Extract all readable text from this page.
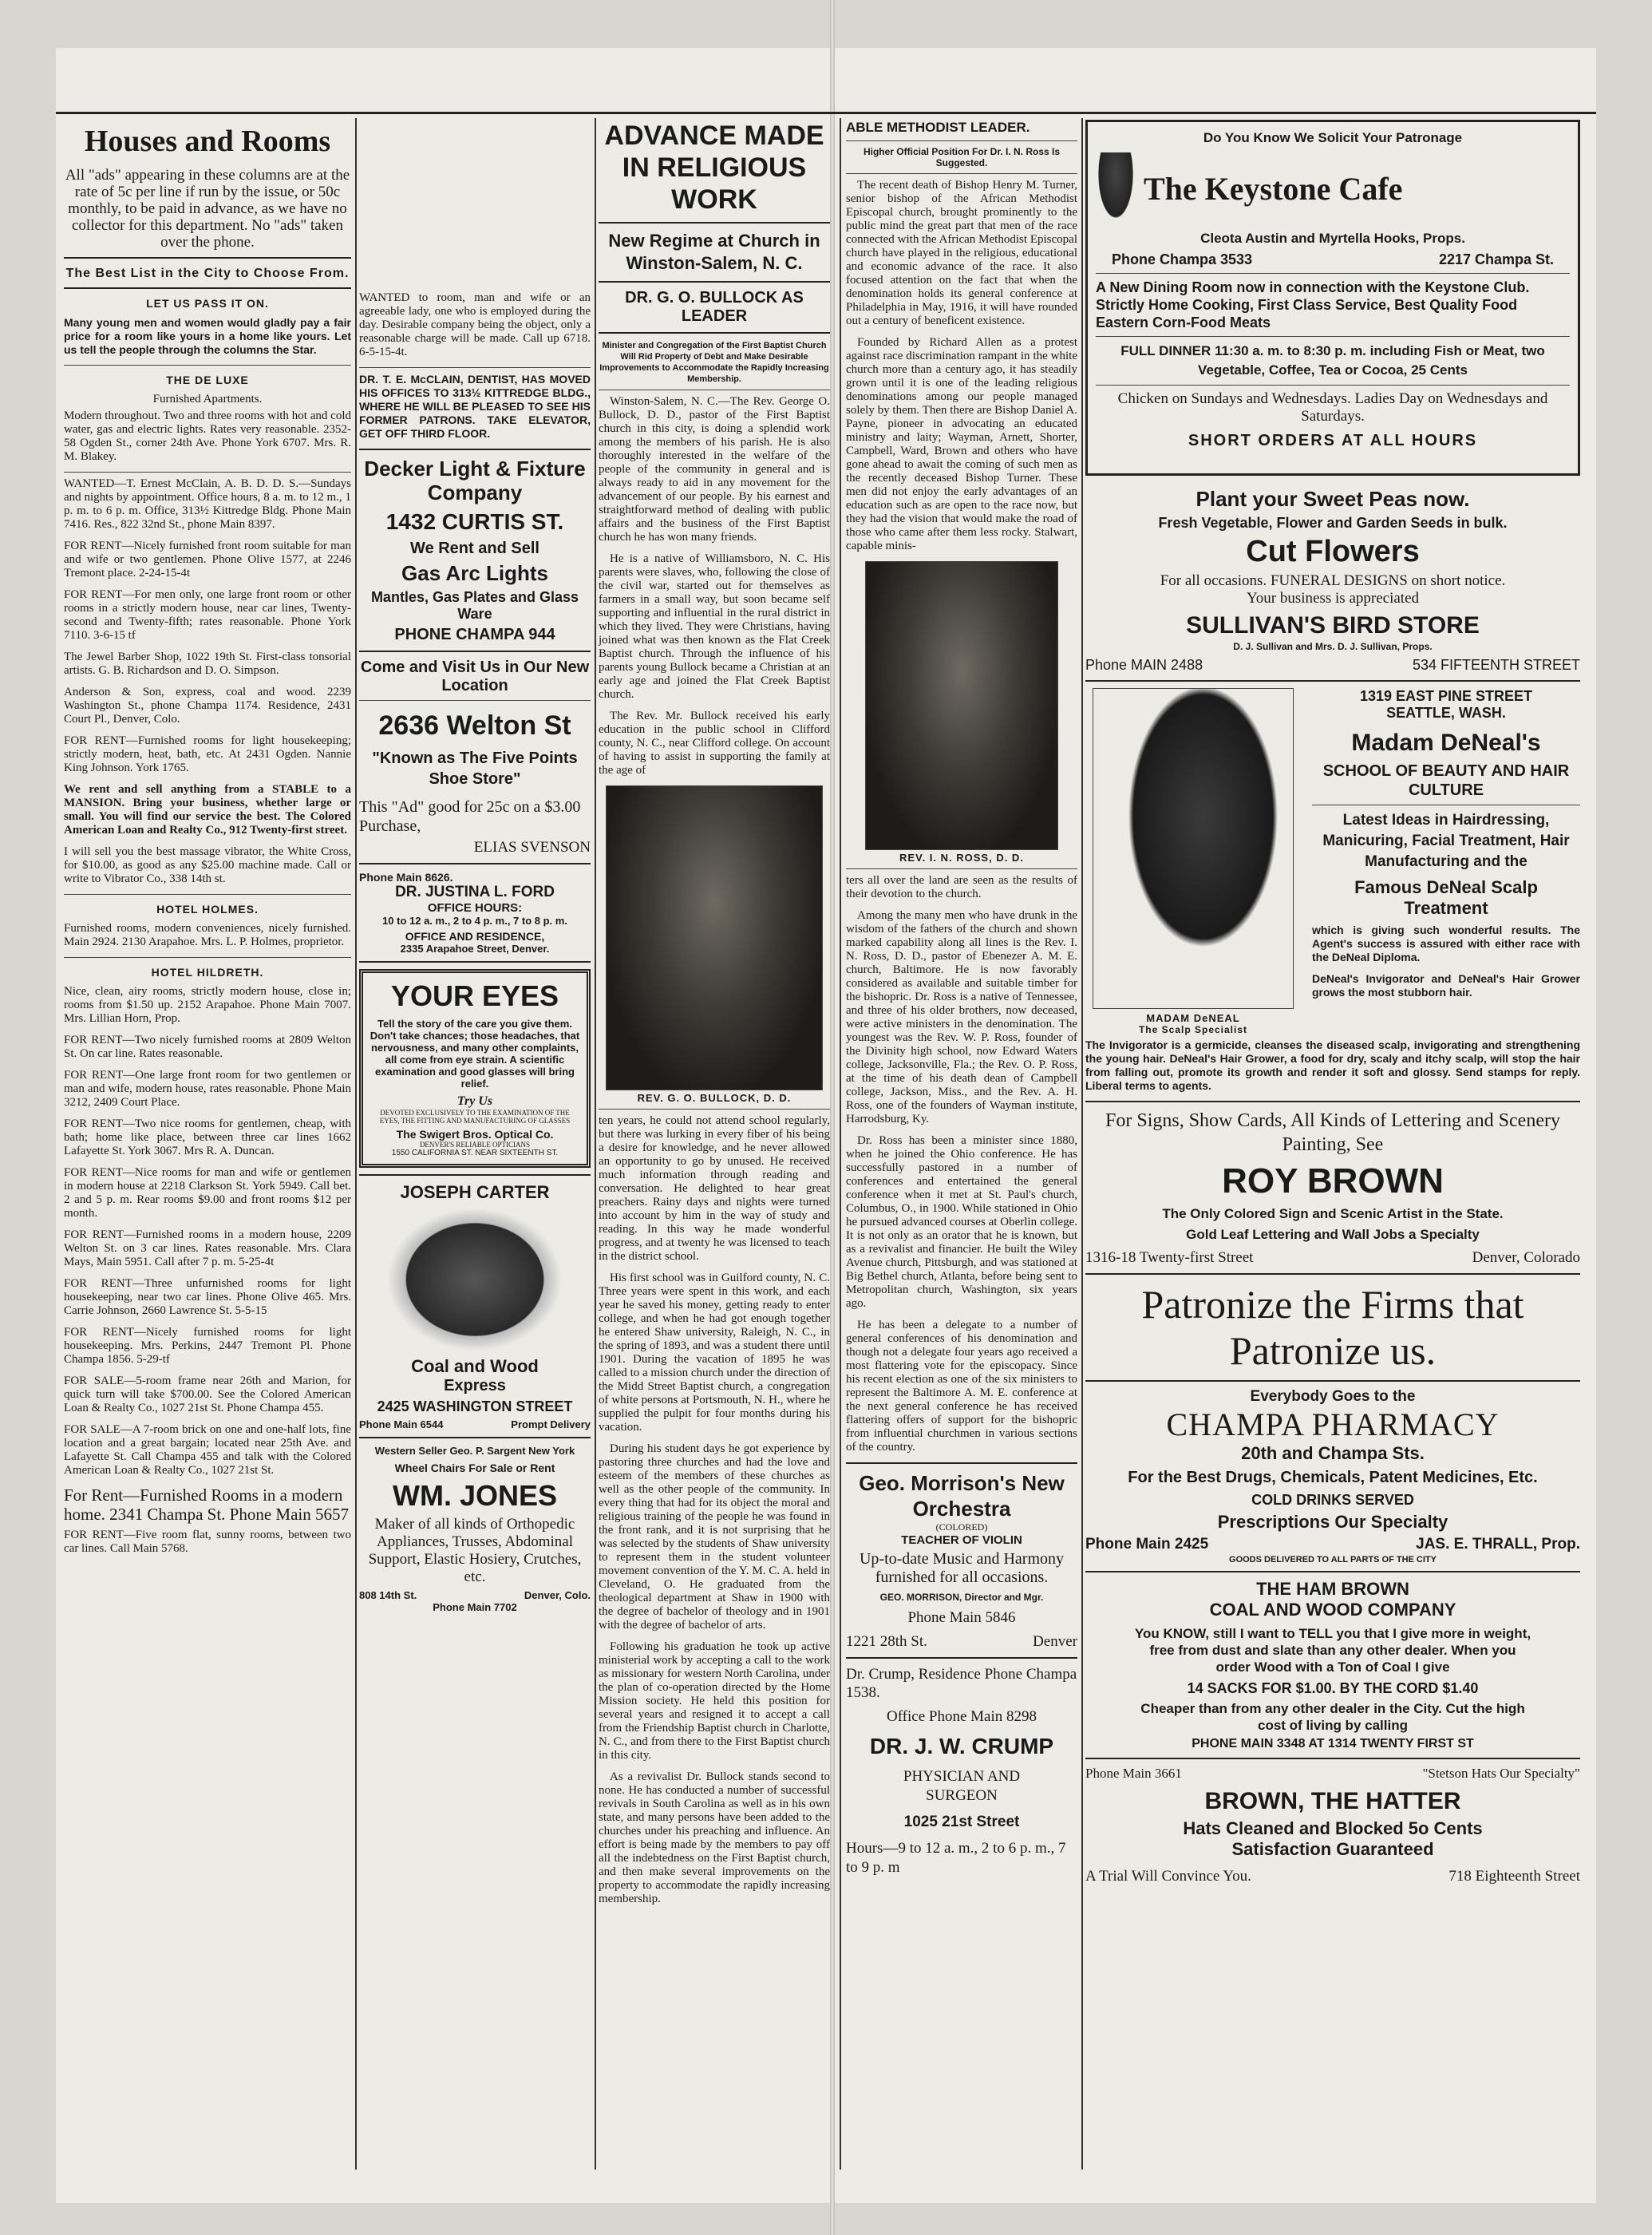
Houses and Rooms

All "ads" appearing in these columns are at the rate of 5c per line if run by the issue, or 50c monthly, to be paid in advance, as we have no collector for this department. No "ads" taken over the phone.

The Best List in the City to Choose From.
LET US PASS IT ON.

Many young men and women would gladly pay a fair price for a room like yours in a home like yours. Let us tell the people through the columns the Star.

THE DE LUXE
Furnished Apartments.

Modern throughout. Two and three rooms with hot and cold water, gas and electric lights. Rates very reasonable. 2352-58 Ogden St., corner 24th Ave. Phone York 6707. Mrs. R. M. Blakey.

WANTED—T. Ernest McClain, A. B. D. D. S.—Sundays and nights by appointment. Office hours, 8 a. m. to 12 m., 1 p. m. to 6 p. m. Office, 313½ Kittredge Bldg. Phone Main 7416. Res., 822 32nd St., phone Main 8397.

FOR RENT—Nicely furnished front room suitable for man and wife or two gentlemen. Phone Olive 1577, at 2246 Tremont place. 2-24-15-4t

FOR RENT—For men only, one large front room or other rooms in a strictly modern house, near car lines, Twenty-second and Twenty-fifth; rates reasonable. Phone York 7110. 3-6-15 tf

The Jewel Barber Shop, 1022 19th St. First-class tonsorial artists. G. B. Richardson and D. O. Simpson.

Anderson & Son, express, coal and wood. 2239 Washington St., phone Champa 1174. Residence, 2431 Court Pl., Denver, Colo.

FOR RENT—Furnished rooms for light housekeeping; strictly modern, heat, bath, etc. At 2431 Ogden. Nannie King Johnson. York 1765.

We rent and sell anything from a STABLE to a MANSION. Bring your business, whether large or small. You will find our service the best. The Colored American Loan and Realty Co., 912 Twenty-first street.

I will sell you the best massage vibrator, the White Cross, for $10.00, as good as any $25.00 machine made. Call or write to Vibrator Co., 338 14th st.

HOTEL HOLMES.

Furnished rooms, modern conveniences, nicely furnished. Main 2924. 2130 Arapahoe. Mrs. L. P. Holmes, proprietor.

HOTEL HILDRETH.

Nice, clean, airy rooms, strictly modern house, close in; rooms from $1.50 up. 2152 Arapahoe. Phone Main 7007. Mrs. Lillian Horn, Prop.

FOR RENT—Two nicely furnished rooms at 2809 Welton St. On car line. Rates reasonable.

FOR RENT—One large front room for two gentlemen or man and wife, modern house, rates reasonable. Phone Main 3212, 2409 Court Place.

FOR RENT—Two nice rooms for gentlemen, cheap, with bath; home like place, between three car lines 1662 Lafayette St. York 3067. Mrs R. A. Duncan.

FOR RENT—Nice rooms for man and wife or gentlemen in modern house at 2218 Clarkson St. York 5949. Call bet. 2 and 5 p. m. Rear rooms $9.00 and front rooms $12 per month.

FOR RENT—Furnished rooms in a modern house, 2209 Welton St. on 3 car lines. Rates reasonable. Mrs. Clara Mays, Main 5951. Call after 7 p. m. 5-25-4t

FOR RENT—Three unfurnished rooms for light housekeeping, near two car lines. Phone Olive 465. Mrs. Carrie Johnson, 2660 Lawrence St. 5-5-15

FOR RENT—Nicely furnished rooms for light housekeeping. Mrs. Perkins, 2447 Tremont Pl. Phone Champa 1856. 5-29-tf

FOR SALE—5-room frame near 26th and Marion, for quick turn will take $700.00. See the Colored American Loan & Realty Co., 1027 21st St. Phone Champa 455.

FOR SALE—A 7-room brick on one and one-half lots, fine location and a great bargain; located near 25th Ave. and Lafayette St. Call Champa 455 and talk with the Colored American Loan & Realty Co., 1027 21st St.

For Rent—Furnished Rooms in a modern home. 2341 Champa St. Phone Main 5657

FOR RENT—Five room flat, sunny rooms, between two car lines. Call Main 5768.

WANTED to room, man and wife or an agreeable lady, one who is employed during the day. Desirable company being the object, only a reasonable charge will be made. Call up 6718. 6-5-15-4t.

DR. T. E. McCLAIN, DENTIST, HAS MOVED HIS OFFICES TO 313½ KITTREDGE BLDG., WHERE HE WILL BE PLEASED TO SEE HIS FORMER PATRONS. TAKE ELEVATOR, GET OFF THIRD FLOOR.

Decker Light & Fixture Company
1432 CURTIS ST.
We Rent and Sell
Gas Arc Lights
Mantles, Gas Plates and Glass Ware
PHONE CHAMPA 944
Come and Visit Us in Our New Location
2636 Welton St
"Known as The Five Points Shoe Store"

This "Ad" good for 25c on a $3.00 Purchase,

ELIAS SVENSON
Phone Main 8626.
DR. JUSTINA L. FORD
OFFICE HOURS:
10 to 12 a. m., 2 to 4 p. m., 7 to 8 p. m.
OFFICE AND RESIDENCE,
2335 Arapahoe Street, Denver.
YOUR EYES

Tell the story of the care you give them. Don't take chances; those headaches, that nervousness, and many other complaints, all come from eye strain. A scientific examination and good glasses will bring relief.

Try Us
DEVOTED EXCLUSIVELY TO THE EXAMINATION OF THE EYES, THE FITTING AND MANUFACTURING OF GLASSES
The Swigert Bros. Optical Co.
DENVER'S RELIABLE OPTICIANS
1550 CALIFORNIA ST. NEAR SIXTEENTH ST.
JOSEPH CARTER
Coal and Wood
Express
2425 WASHINGTON STREET
Phone Main 6544	Prompt Delivery
Western Seller Geo. P. Sargent New York
Wheel Chairs For Sale or Rent
WM. JONES

Maker of all kinds of Orthopedic Appliances, Trusses, Abdominal Support, Elastic Hosiery, Crutches, etc.

808 14th St.	Denver, Colo.
Phone Main 7702
ADVANCE MADE IN RELIGIOUS WORK
New Regime at Church in Winston-Salem, N. C.
DR. G. O. BULLOCK AS LEADER

Minister and Congregation of the First Baptist Church Will Rid Property of Debt and Make Desirable Improvements to Accommodate the Rapidly Increasing Membership.

Winston-Salem, N. C.—The Rev. George O. Bullock, D. D., pastor of the First Baptist church in this city, is doing a splendid work among the members of his parish. He is also thoroughly interested in the welfare of the people of the community in general and is always ready to aid in any movement for the advancement of our people. By his earnest and straightforward method of dealing with public affairs and the business of the First Baptist church he has won many friends.

He is a native of Williamsboro, N. C. His parents were slaves, who, following the close of the civil war, started out for themselves as farmers in a small way, but soon became self supporting and influential in the rural district in which they lived. They were Christians, having joined what was then known as the Flat Creek Baptist church. Through the influence of his parents young Bullock became a Christian at an early age and joined the Flat Creek Baptist church.

The Rev. Mr. Bullock received his early education in the public school in Clifford county, N. C., near Clifford college. On account of having to assist in supporting the family at the age of

REV. G. O. BULLOCK, D. D.

ten years, he could not attend school regularly, but there was lurking in every fiber of his being a desire for knowledge, and he never allowed an opportunity to go by unused. He received much information through reading and conversation. He delighted to hear great preachers. Rainy days and nights were turned into account by him in the way of study and reading. In this way he made wonderful progress, and at twenty he was licensed to teach in the district school.

His first school was in Guilford county, N. C. Three years were spent in this work, and each year he saved his money, getting ready to enter college, and when he had got enough together he entered Shaw university, Raleigh, N. C., in the spring of 1893, and was a student there until 1901. During the vacation of 1895 he was called to a mission church under the direction of the Midd Street Baptist church, a congregation of white persons at Portsmouth, N. H., where he supplied the pulpit for four months during his vacation.

During his student days he got experience by pastoring three churches and had the love and esteem of the members of these churches as well as the other people of the community. In every thing that had for its object the moral and religious training of the people he was found in the front rank, and it is not surprising that he was selected by the students of Shaw university to represent them in the student volunteer movement convention of the Y. M. C. A. held in Cleveland, O. He graduated from the theological department at Shaw in 1900 with the degree of bachelor of theology and in 1901 with the degree of bachelor of arts.

Following his graduation he took up active ministerial work by accepting a call to the work as missionary for western North Carolina, under the plan of co-operation directed by the Home Mission society. He held this position for several years and resigned it to accept a call from the Friendship Baptist church in Charlotte, N. C., and from there to the First Baptist church in this city.

As a revivalist Dr. Bullock stands second to none. He has conducted a number of successful revivals in South Carolina as well as in his own state, and many persons have been added to the churches under his preaching and influence. An effort is being made by the members to pay off all the indebtedness on the First Baptist church, and then make several improvements on the property to accommodate the rapidly increasing membership.

ABLE METHODIST LEADER.

Higher Official Position For Dr. I. N. Ross Is Suggested.

The recent death of Bishop Henry M. Turner, senior bishop of the African Methodist Episcopal church, brought prominently to the public mind the great part that men of the race connected with the African Methodist Episcopal church have played in the religious, educational and economic advance of the race. It also focused attention on the fact that when the denomination holds its general conference at Philadelphia in May, 1916, it will have rounded out a century of beneficent existence.

Founded by Richard Allen as a protest against race discrimination rampant in the white church more than a century ago, it has steadily grown until it is one of the leading religious denominations among our people managed solely by them. Then there are Bishop Daniel A. Payne, pioneer in advocating an educated ministry and laity; Wayman, Arnett, Shorter, Campbell, Ward, Brown and others who have gone ahead to await the coming of such men as the recently deceased Bishop Turner. These men did not enjoy the early advantages of an education such as are open to the race now, but they had the vision that would make the road of those who came after them less rocky. Stalwart, capable minis-

REV. I. N. ROSS, D. D.

ters all over the land are seen as the results of their devotion to the church.

Among the many men who have drunk in the wisdom of the fathers of the church and shown marked capability along all lines is the Rev. I. N. Ross, D. D., pastor of Ebenezer A. M. E. church, Baltimore. He is now favorably considered as available and suitable timber for the bishopric. Dr. Ross is a native of Tennessee, and three of his older brothers, now deceased, were active ministers in the denomination. The youngest was the Rev. W. P. Ross, founder of the Divinity high school, now Edward Waters college, Jacksonville, Fla.; the Rev. O. P. Ross, at the time of his death dean of Campbell college, Jackson, Miss., and the Rev. A. H. Ross, one of the founders of Wayman institute, Harrodsburg, Ky.

Dr. Ross has been a minister since 1880, when he joined the Ohio conference. He has successfully pastored in a number of conferences and entertained the general conference when it met at St. Paul's church, Columbus, O., in 1900. While stationed in Ohio he pursued advanced courses at Oberlin college. It is not only as an orator that he is known, but as a revivalist and financier. He built the Wiley Avenue church, Pittsburgh, and was stationed at Big Bethel church, Atlanta, before being sent to Metropolitan church, Washington, six years ago.

He has been a delegate to a number of general conferences of his denomination and though not a delegate four years ago received a most flattering vote for the episcopacy. Since his recent election as one of the six ministers to represent the Baltimore A. M. E. conference at the next general conference he has received flattering offers of support for the bishopric from influential churchmen in various sections of the country.

Geo. Morrison's New Orchestra
(COLORED)
TEACHER OF VIOLIN

Up-to-date Music and Harmony furnished for all occasions.

GEO. MORRISON, Director and Mgr.
Phone Main 5846
1221 28th St.	Denver

Dr. Crump, Residence Phone Champa 1538.

Office Phone Main 8298
DR. J. W. CRUMP
PHYSICIAN AND SURGEON
1025 21st Street
Hours—9 to 12 a. m., 2 to 6 p. m., 7 to 9 p. m
Do You Know We Solicit Your Patronage
The Keystone Cafe
Cleota Austin and Myrtella Hooks, Props.
Phone Champa 3533	2217 Champa St.

A New Dining Room now in connection with the Keystone Club. Strictly Home Cooking, First Class Service, Best Quality Food Eastern Corn-Food Meats

FULL DINNER 11:30 a. m. to 8:30 p. m. including Fish or Meat, two Vegetable, Coffee, Tea or Cocoa, 25 Cents

Chicken on Sundays and Wednesdays. Ladies Day on Wednesdays and Saturdays.

SHORT ORDERS AT ALL HOURS
Plant your Sweet Peas now.
Fresh Vegetable, Flower and Garden Seeds in bulk.
Cut Flowers
For all occasions. FUNERAL DESIGNS on short notice.
Your business is appreciated
SULLIVAN'S BIRD STORE
D. J. Sullivan and Mrs. D. J. Sullivan, Props.
Phone MAIN 2488	534 FIFTEENTH STREET
MADAM DeNEAL
The Scalp Specialist
1319 EAST PINE STREET
SEATTLE, WASH.
Madam DeNeal's
SCHOOL OF BEAUTY AND HAIR CULTURE

Latest Ideas in Hairdressing, Manicuring, Facial Treatment, Hair Manufacturing and the

Famous DeNeal Scalp Treatment

which is giving such wonderful results. The Agent's success is assured with either race with the DeNeal Diploma.

DeNeal's Invigorator and DeNeal's Hair Grower grows the most stubborn hair.

The Invigorator is a germicide, cleanses the diseased scalp, invigorating and strengthening the young hair. DeNeal's Hair Grower, a food for dry, scaly and itchy scalp, will stop the hair from falling out, promote its growth and render it soft and glossy. Send stamps for reply. Liberal terms to agents.

For Signs, Show Cards, All Kinds of Lettering and Scenery Painting, See

ROY BROWN
The Only Colored Sign and Scenic Artist in the State.
Gold Leaf Lettering and Wall Jobs a Specialty
1316-18 Twenty-first Street	Denver, Colorado
Patronize the Firms that Patronize us.
Everybody Goes to the
CHAMPA PHARMACY
20th and Champa Sts.
For the Best Drugs, Chemicals, Patent Medicines, Etc.
COLD DRINKS SERVED
Prescriptions Our Specialty
Phone Main 2425	JAS. E. THRALL, Prop.
GOODS DELIVERED TO ALL PARTS OF THE CITY
THE HAM BROWN
COAL AND WOOD COMPANY

You KNOW, still I want to TELL you that I give more in weight, free from dust and slate than any other dealer. When you order Wood with a Ton of Coal I give

14 SACKS FOR $1.00. BY THE CORD $1.40

Cheaper than from any other dealer in the City. Cut the high cost of living by calling

PHONE MAIN 3348 AT 1314 TWENTY FIRST ST
Phone Main 3661	"Stetson Hats Our Specialty"
BROWN, THE HATTER
Hats Cleaned and Blocked 5o Cents
Satisfaction Guaranteed
A Trial Will Convince You.	718 Eighteenth Street
